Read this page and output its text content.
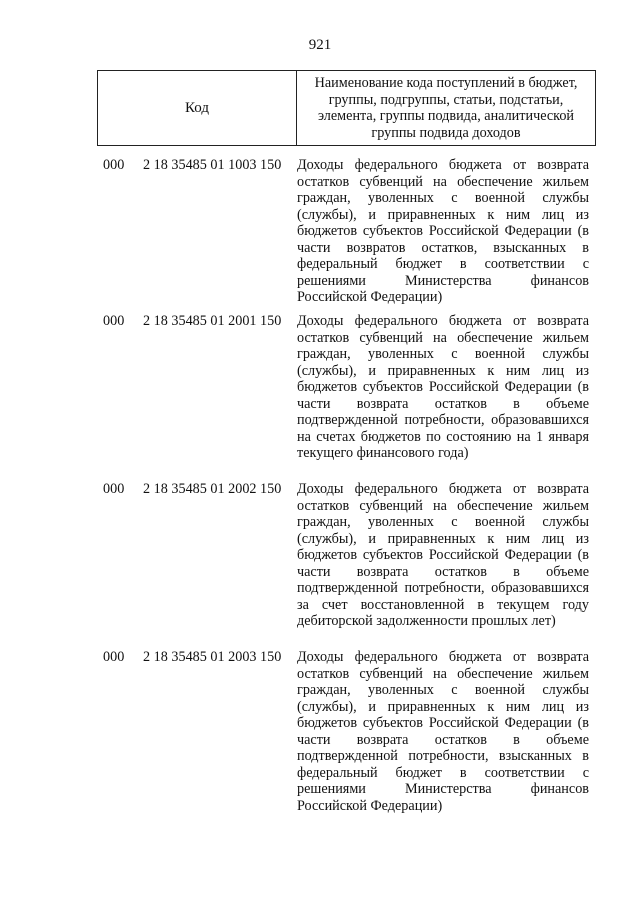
921
Код
Наименование кода поступлений в бюджет, группы, подгруппы, статьи, подстатьи, элемента, группы подвида, аналитической группы подвида доходов
000 2 18 35485 01 1003 150 Доходы федерального бюджета от возврата остатков субвенций на обеспечение жильем граждан, уволенных с военной службы (службы), и приравненных к ним лиц из бюджетов субъектов Российской Федерации (в части возвратов остатков, взысканных в федеральный бюджет в соответствии с решениями Министерства финансов Российской Федерации)
000 2 18 35485 01 2001 150 Доходы федерального бюджета от возврата остатков субвенций на обеспечение жильем граждан, уволенных с военной службы (службы), и приравненных к ним лиц из бюджетов субъектов Российской Федерации (в части возврата остатков в объеме подтвержденной потребности, образовавшихся на счетах бюджетов по состоянию на 1 января текущего финансового года)
000 2 18 35485 01 2002 150 Доходы федерального бюджета от возврата остатков субвенций на обеспечение жильем граждан, уволенных с военной службы (службы), и приравненных к ним лиц из бюджетов субъектов Российской Федерации (в части возврата остатков в объеме подтвержденной потребности, образовавшихся за счет восстановленной в текущем году дебиторской задолженности прошлых лет)
000 2 18 35485 01 2003 150 Доходы федерального бюджета от возврата остатков субвенций на обеспечение жильем граждан, уволенных с военной службы (службы), и приравненных к ним лиц из бюджетов субъектов Российской Федерации (в части возврата остатков в объеме подтвержденной потребности, взысканных в федеральный бюджет в соответствии с решениями Министерства финансов Российской Федерации)
